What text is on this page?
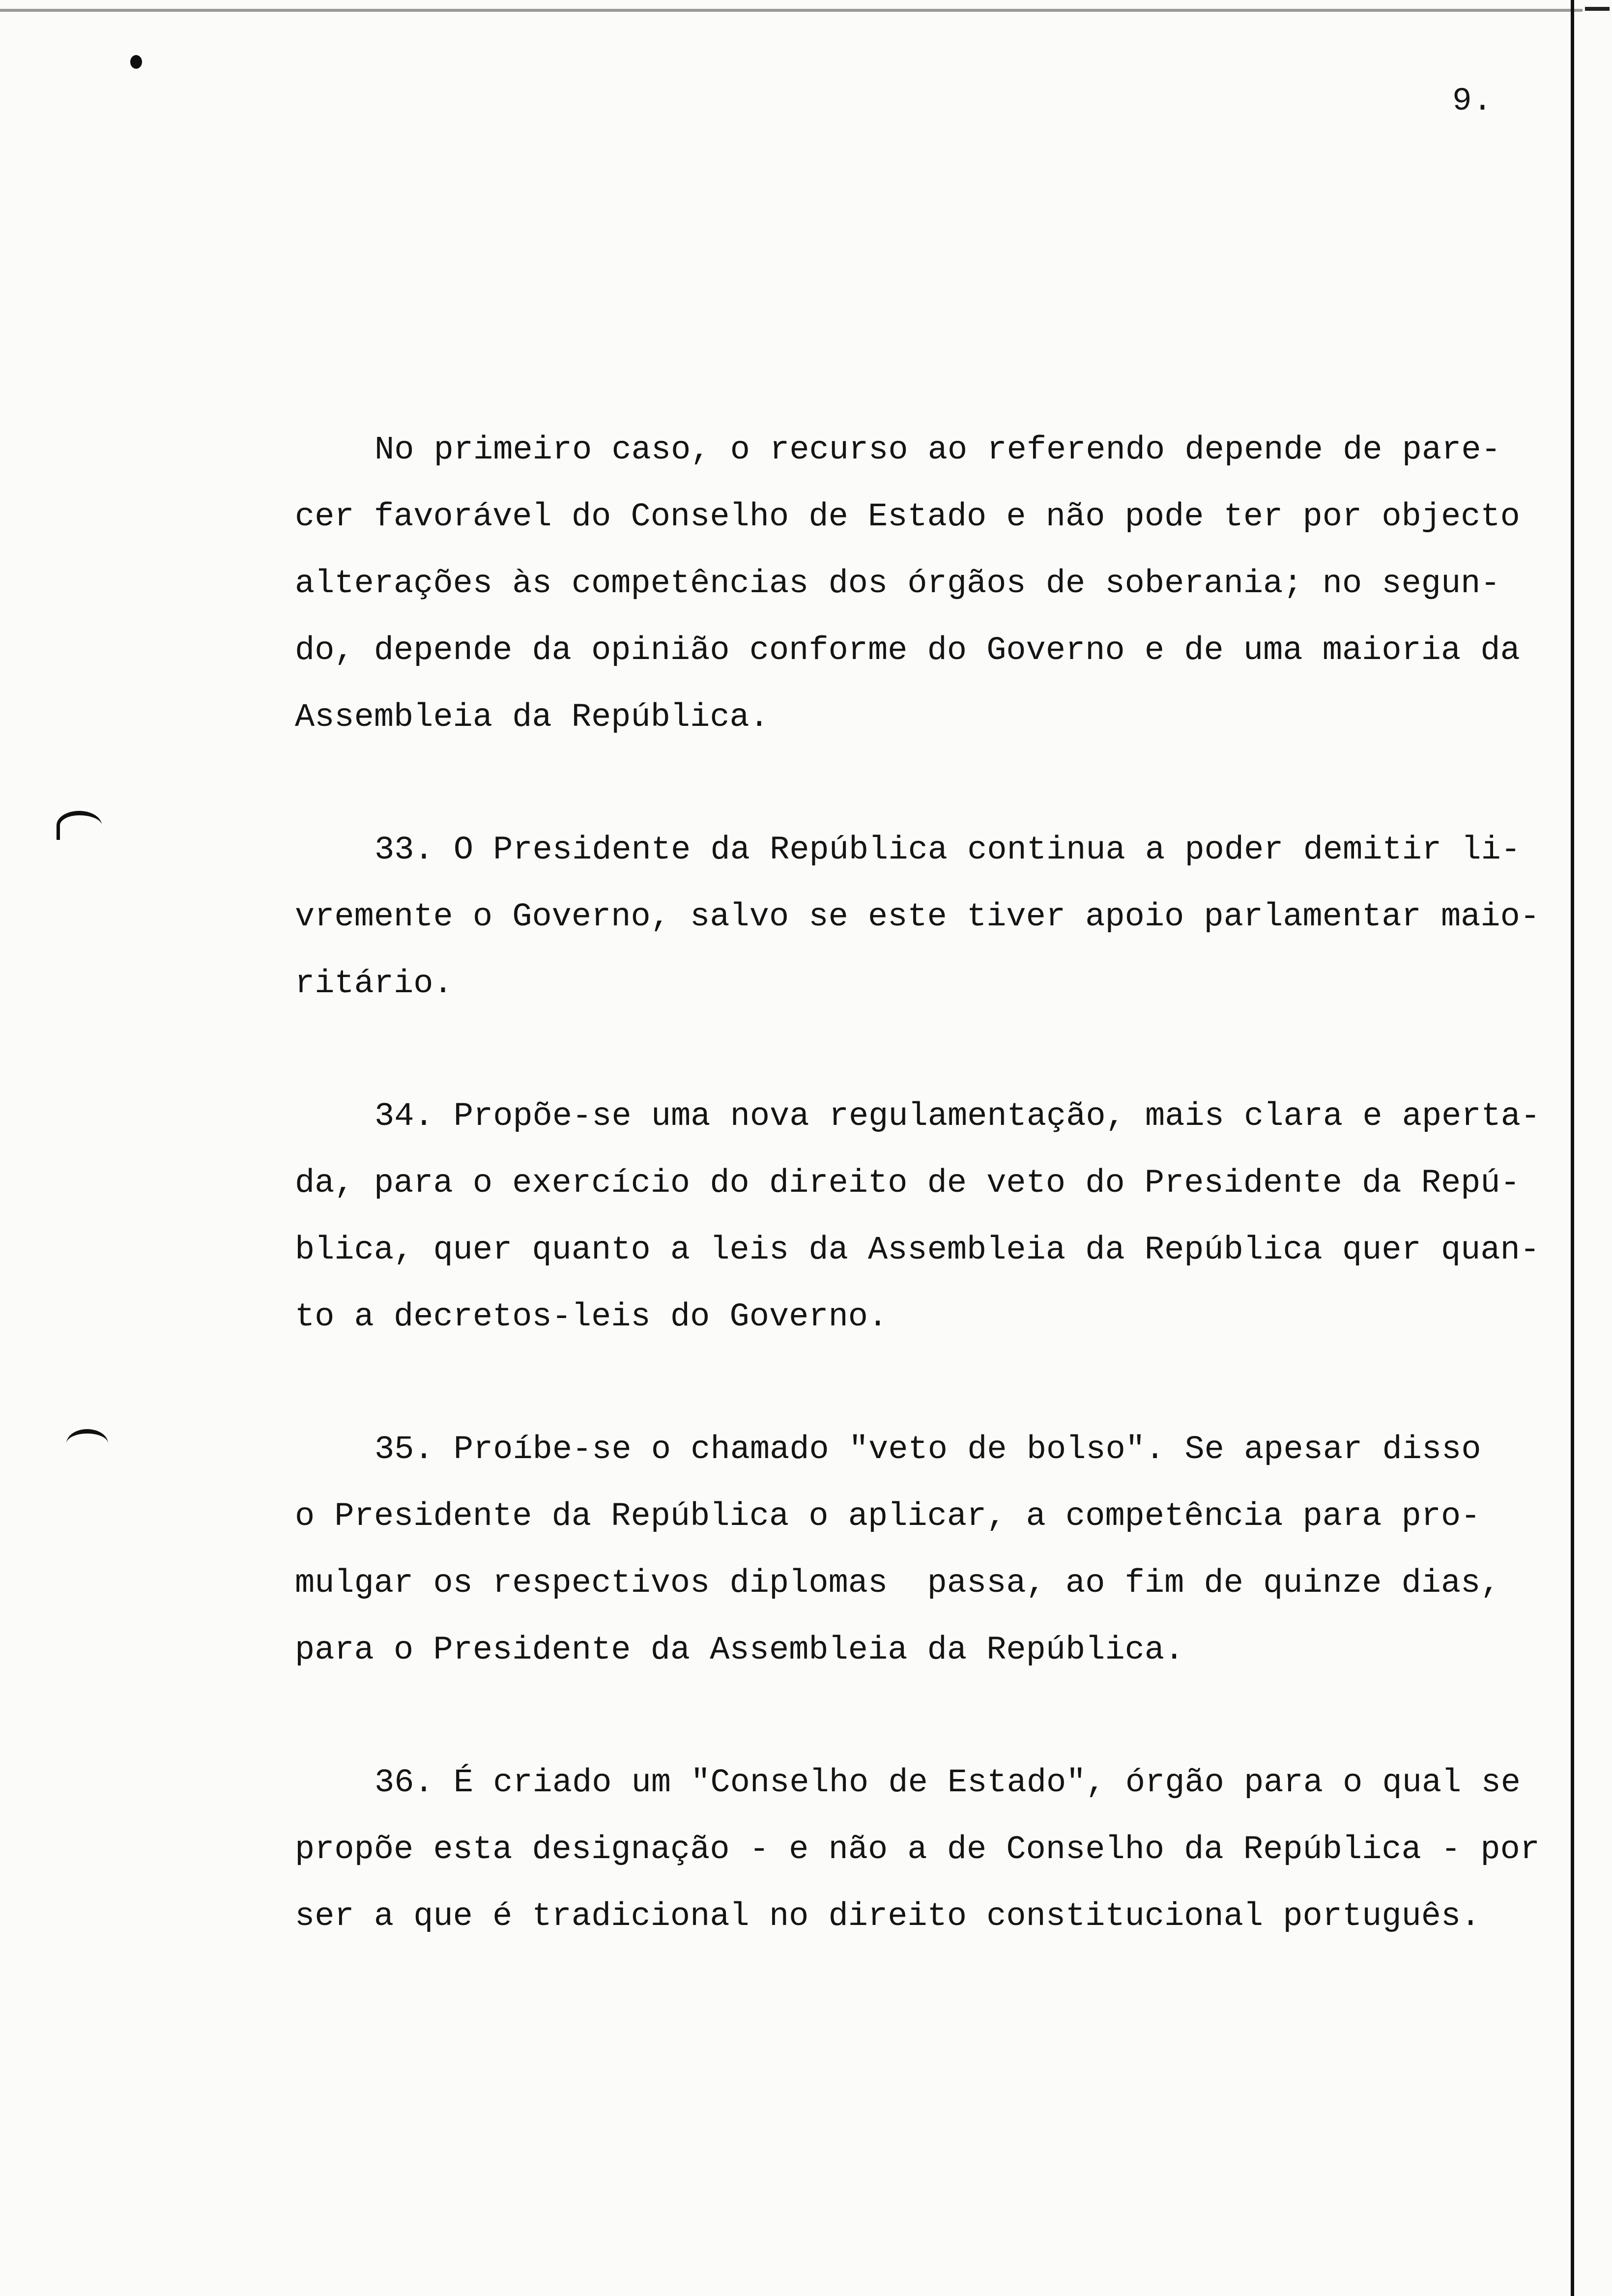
9.
No primeiro caso, o recurso ao referendo depende de pare-
cer favorável do Conselho de Estado e não pode ter por objecto
alterações às competências dos órgãos de soberania; no segun-
do, depende da opinião conforme do Governo e de uma maioria da
Assembleia da República.
33. O Presidente da República continua a poder demitir li-
vremente o Governo, salvo se este tiver apoio parlamentar maio-
ritário.
34. Propõe-se uma nova regulamentação, mais clara e aperta-
da, para o exercício do direito de veto do Presidente da Repú-
blica, quer quanto a leis da Assembleia da República quer quan-
to a decretos-leis do Governo.
35. Proíbe-se o chamado "veto de bolso". Se apesar disso
o Presidente da República o aplicar, a competência para pro-
mulgar os respectivos diplomas  passa, ao fim de quinze dias,
para o Presidente da Assembleia da República.
36. É criado um "Conselho de Estado", órgão para o qual se
propõe esta designação - e não a de Conselho da República - por
ser a que é tradicional no direito constitucional português.
